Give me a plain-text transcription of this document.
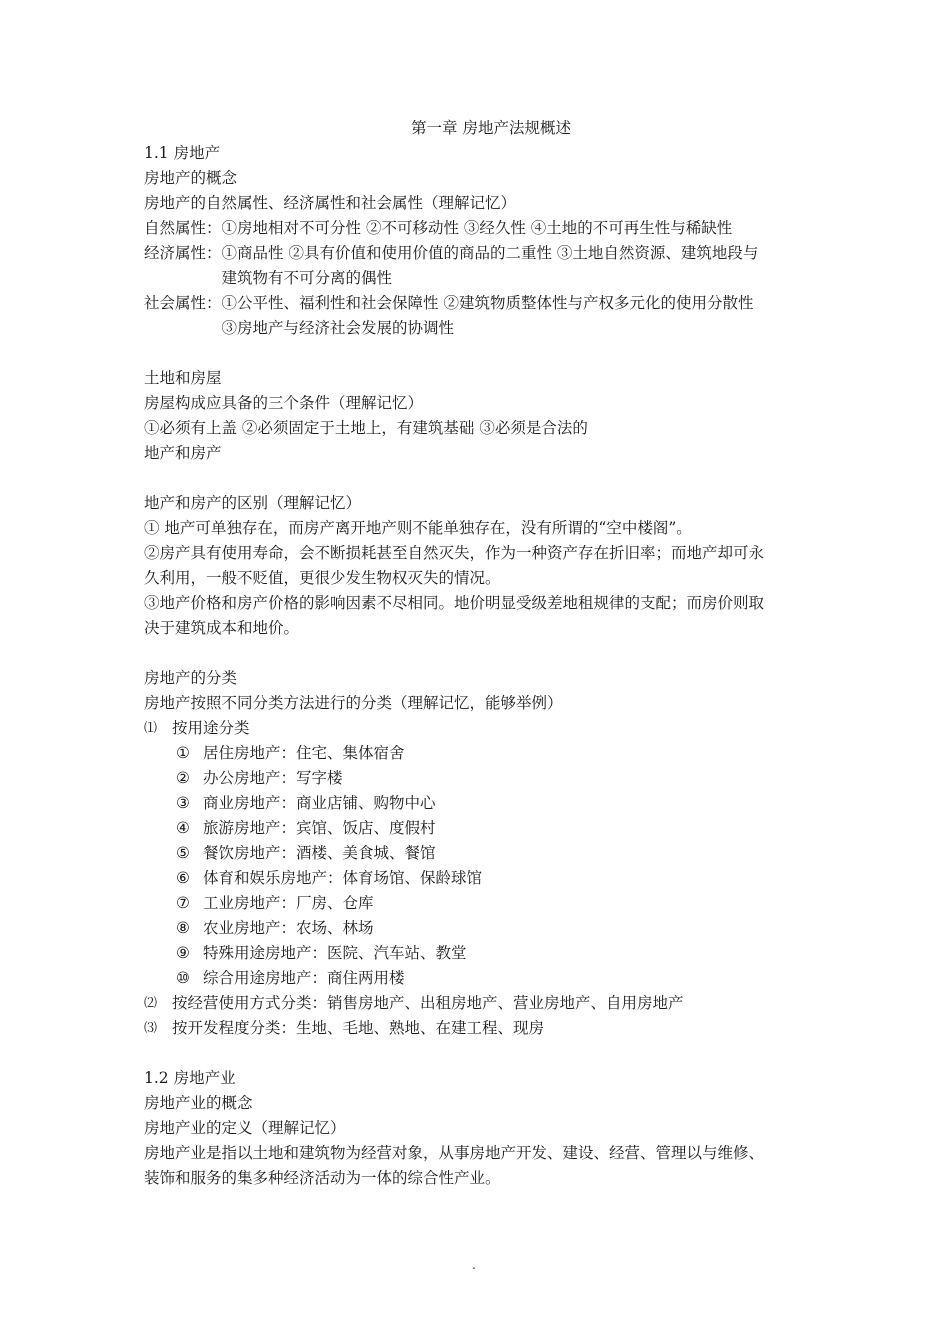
第一章 房地产法规概述
1.1 房地产
房地产的概念
房地产的自然属性、经济属性和社会属性（理解记忆）
自然属性： ①房地相对不可分性 ②不可移动性 ③经久性 ④土地的不可再生性与稀缺性
经济属性： ①商品性 ②具有价值和使用价值的商品的二重性 ③土地自然资源、建筑地段与
建筑物有不可分离的偶性
社会属性： ①公平性、福利性和社会保障性 ②建筑物质整体性与产权多元化的使用分散性
③房地产与经济社会发展的协调性
土地和房屋
房屋构成应具备的三个条件（理解记忆）
①必须有上盖 ②必须固定于土地上，有建筑基础 ③必须是合法的
地产和房产
地产和房产的区别（理解记忆）
① 地产可单独存在，而房产离开地产则不能单独存在，没有所谓的“空中楼阁”。
②房产具有使用寿命，会不断损耗甚至自然灭失，作为一种资产存在折旧率；而地产却可永
久利用，一般不贬值，更很少发生物权灭失的情况。
③地产价格和房产价格的影响因素不尽相同。地价明显受级差地租规律的支配；而房价则取
决于建筑成本和地价。
房地产的分类
房地产按照不同分类方法进行的分类（理解记忆，能够举例）
⑴ 按用途分类
① 居住房地产：住宅、集体宿舍
② 办公房地产：写字楼
③ 商业房地产：商业店铺、购物中心
④ 旅游房地产：宾馆、饭店、度假村
⑤ 餐饮房地产：酒楼、美食城、餐馆
⑥ 体育和娱乐房地产：体育场馆、保龄球馆
⑦ 工业房地产：厂房、仓库
⑧ 农业房地产：农场、林场
⑨ 特殊用途房地产：医院、汽车站、教堂
⑩ 综合用途房地产：商住两用楼
⑵ 按经营使用方式分类：销售房地产、出租房地产、营业房地产、自用房地产
⑶ 按开发程度分类：生地、毛地、熟地、在建工程、现房
1.2 房地产业
房地产业的概念
房地产业的定义（理解记忆）
房地产业是指以土地和建筑物为经营对象，从事房地产开发、建设、经营、管理以与维修、
装饰和服务的集多种经济活动为一体的综合性产业。
.
